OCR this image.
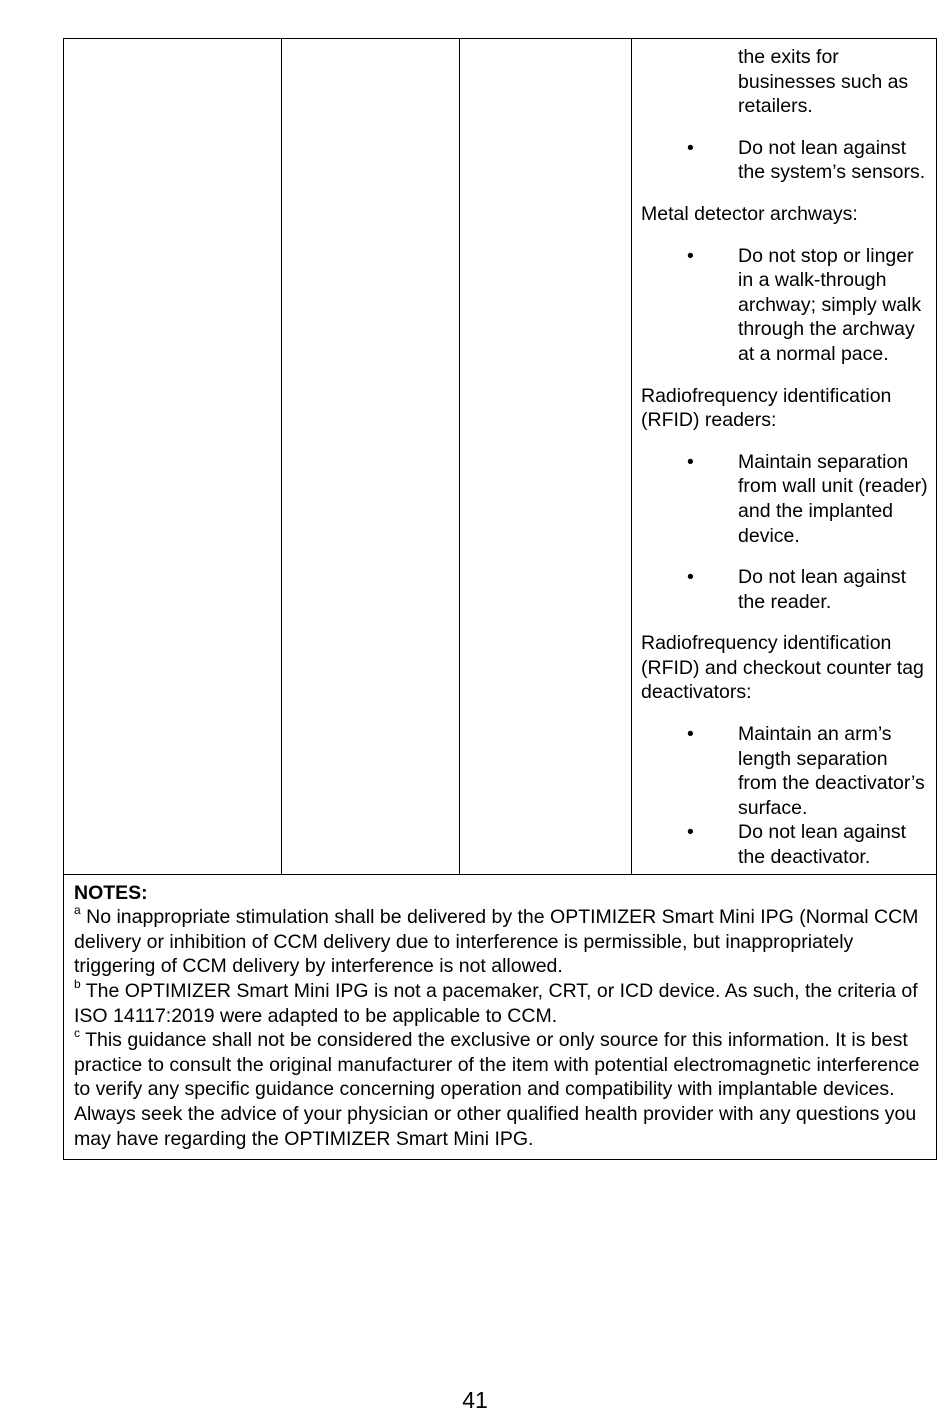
the exits for businesses such as retailers.
• Do not lean against the system’s sensors.
Metal detector archways:
• Do not stop or linger in a walk-through archway; simply walk through the archway at a normal pace.
Radiofrequency identification (RFID) readers:
• Maintain separation from wall unit (reader) and the implanted device.
• Do not lean against the reader.
Radiofrequency identification (RFID) and checkout counter tag deactivators:
• Maintain an arm’s length separation from the deactivator’s surface.
• Do not lean against the deactivator.

NOTES:

$^a$ No inappropriate stimulation shall be delivered by the OPTIMIZER Smart Mini IPG (Normal CCM delivery or inhibition of CCM delivery due to interference is permissible, but inappropriately triggering of CCM delivery by interference is not allowed.

$^b$ The OPTIMIZER Smart Mini IPG is not a pacemaker, CRT, or ICD device. As such, the criteria of ISO 14117:2019 were adapted to be applicable to CCM.

$^c$ This guidance shall not be considered the exclusive or only source for this information. It is best practice to consult the original manufacturer of the item with potential electromagnetic interference to verify any specific guidance concerning operation and compatibility with implantable devices. Always seek the advice of your physician or other qualified health provider with any questions you may have regarding the OPTIMIZER Smart Mini IPG.

41
